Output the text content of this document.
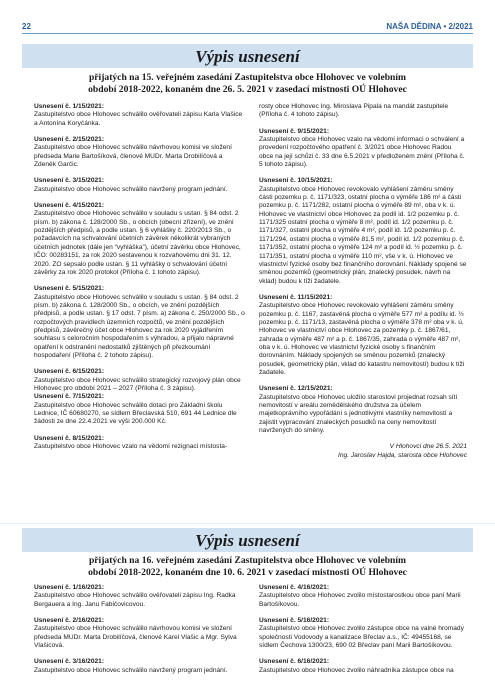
22	NAŠA DĚDINA • 2/2021
Výpis usnesení
přijatých na 15. veřejném zasedání Zastupitelstva obce Hlohovec ve volebním
období 2018-2022, konaném dne 26. 5. 2021 v zasedací mistnosti OÚ Hlohovec
Usnesení č. 1/15/2021:
Zastupitelstvo obce Hlohovec schválilo ověřovateli zápisu Karla Vlašice a Antonína Koryčánka.
Usnesení č. 2/15/2021:
Zastupitelstvo obce Hlohovec schválilo návrhovou komisi ve složení předseda Marie Bartošíková, členové MUDr. Marta Drobilíčová a Zdeněk Garčic.
Usnesení č. 3/15/2021:
Zastupitelstvo obce Hlohovec schválilo navržený program jednání.
Usnesení č. 4/15/2021:
Zastupitelstvo obce Hlohovec schválilo v souladu s ustan. § 84 odst. 2 písm. b) zákona č. 128/2000 Sb., o obcích (obecní zřízení), ve znění pozdějších předpisů, a podle ustan. § 6 vyhlášky č. 220/2013 Sb., o požadavcích na schvalování účetních závěrek několikrát vybraných účetních jednotek (dále jen “vyhláška”), účetní závěrku obce Hlohovec, IČO: 00283151, za rok 2020 sestavenou k rozvahovému dni 31. 12. 2020. ZO sepsalo podle ustan. § 11 vyhlášky o schvalování účetní závěrky za rok 2020 protokol (Příloha č. 1 tohoto zápisu).
Usnesení č. 5/15/2021:
Zastupitelstvo obce Hlohovec schválilo v souladu s ustan. § 84 odst. 2 písm. b) zákona č. 128/2000 Sb., o obcích, ve znění pozdějších předpisů, a podle ustan. § 17 odst. 7 písm. a) zákona č. 250/2000 Sb., o rozpočtových pravidlech územních rozpočtů, ve znění pozdějších předpisů, závěrečný účet obce Hlohovec za rok 2020 vyjádřením souhlasu s celoročním hospodařením s výhradou, a přijalo nápravné opatření k odstranění nedostatků zjištěných při přezkoumání hospodaření (Příloha č. 2 tohoto zápisu).
Usnesení č. 6/15/2021:
Zastupitelstvo obce Hlohovec schválilo strategický rozvojový plán obce Hlohovec pro období 2021 – 2027 (Příloha č. 3 zápisu).
Usnesení č. 7/15/2021:
Zastupitelstvo obce Hlohovec schválilo dotaci pro Základní školu Lednice, IČ 60680270, se sídlem Břeclavská 510, 691 44 Lednice dle žádosti ze dne 22.4.2021 ve výši 200.000 Kč.
Usnesení č. 8/15/2021:
Zastupitelstvo obce Hlohovec vzalo na vědomí rezignaci místosta-
rosty obce Hlohovec Ing. Miroslava Pipala na mandát zastupitele (Příloha č. 4 tohoto zápisu).
Usnesení č. 9/15/2021:
Zastupitelstvo obce Hlohovec vzalo na vědomí informaci o schválení a provedení rozpočtového opatření č. 3/2021 obce Hlohovec Radou obce na její schůzi č. 33 dne 6.5.2021 v předloženém znění (Příloha č. 5 tohoto zápisu).
Usnesení č. 10/15/2021:
Zastupitelstvo obce Hlohovec revokovalo vyhlášení záměru směny části pozemku p. č. 1171/323, ostatní plocha o výměře 186 m² a části pozemku p. č. 1171/282, ostatní plocha o výměře 89 m², oba v k. ú. Hlohovec ve vlastnictví obce Hlohovec za podíl id. 1/2 pozemku p. č. 1171/325 ostatní plocha o výměře 8 m², podíl id. 1/2 pozemku p. č. 1171/327, ostatní plocha o výměře 4 m², podíl id. 1/2 pozemku p. č. 1171/294, ostatní plocha o výměře 81,5 m², podíl id. 1/2 pozemku p. č. 1171/352, ostatní plocha o výměře 124 m² a podíl id. ½ pozemku p. č. 1171/351, ostatní plocha o výměře 110 m², vše v k. ú. Hlohovec ve vlastnictví fyzické osoby bez finančního dorovnání. Náklady spojené se směnou pozemků (geometrický plán, znalecký posudek, návrh na vklad) budou k tíži žadatele.
Usnesení č. 11/15/2021:
Zastupitelstvo obce Hlohovec revokovalo vyhlášení záměru směny pozemku p. č. 1167, zastavěná plocha o výměře 577 m² a podílu id. ½ pozemku p. č. 1171/13, zastavěná plocha o výměře 378 m² oba v k. ú. Hlohovec ve vlastnictví obce Hlohovec za pozemky p. č. 1867/61, zahrada o výměře 487 m² a p. č. 1867/35, zahrada o výměře 487 m², oba v k. ú. Hlohovec ve vlastnictví fyzické osoby s finančním dorovnáním. Náklady spojených se směnou pozemků (znalecký posudek, geometrický plán, vklad do katastru nemovitostí) budou k tíži žadatele.
Usnesení č. 12/15/2021:
Zastupitelstvo obce Hlohovec uložilo starostovi projednat rozsah sítí nemovitostí v areálu zemědělského družstva za účelem majetkoprávního vypořádání s jednotlivými vlastníky nemovitostí a zajistit vypracování znaleckých posudků na ceny nemovitostí navržených do směny.
V Hlohovci dne 26.5. 2021
Ing. Jaroslav Hajda, starosta obce Hlohovec
Výpis usnesení
přijatých na 16. veřejném zasedání Zastupitelstva obce Hlohovec ve volebním
období 2018-2022, konaném dne 10. 6. 2021 v zasedací mistnosti OÚ Hlohovec
Usnesení č. 1/16/2021:
Zastupitelstvo obce Hlohovec schválilo ověřovateli zápisu Ing. Radka Bergauera a Ing. Janu Fabičovicovou.
Usnesení č. 2/16/2021:
Zastupitelstvo obce Hlohovec schválilo návrhovou komisi ve složení předseda MUDr. Marta Drobilíčová, členové Karel Vlašic a Mgr. Sylva Vlašicová.
Usnesení č. 3/16/2021:
Zastupitelstvo obce Hlohovec schválilo navržený program jednání.
Usnesení č. 4/16/2021:
Zastupitelstvo obce Hlohovec zvolilo místostarostkou obce paní Marii Bartošíkovou.
Usnesení č. 5/16/2021:
Zastupitelstvo obce Hlohovec zvolilo zástupce obce na valné hromady společnosti Vodovody a kanalizace Břeclav a.s., IČ: 49455168, se sídlem Čechova 1300/23, 690 02 Břeclav paní Marii Bartošíkovou.
Usnesení č. 6/16/2021:
Zastupitelstvo obce Hlohovec zvolilo náhradníka zástupce obce na
